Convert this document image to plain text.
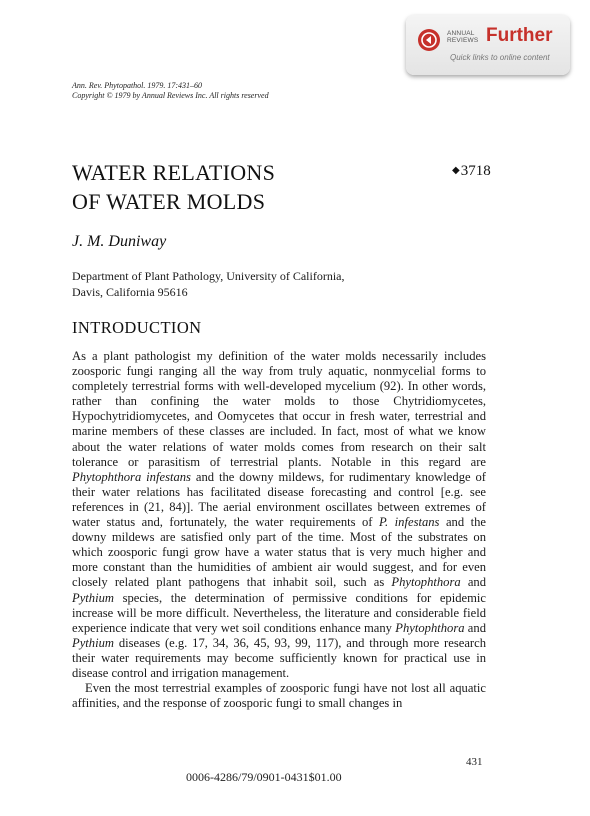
ANNUAL
REVIEWS Further
Quick links to online content
Ann. Rev. Phytopathol. 1979. 17:431–60
Copyright © 1979 by Annual Reviews Inc. All rights reserved
WATER RELATIONS
OF WATER MOLDS
◆3718
J. M. Duniway
Department of Plant Pathology, University of California,
Davis, California 95616
INTRODUCTION

As a plant pathologist my definition of the water molds necessarily includes zoosporic fungi ranging all the way from truly aquatic, nonmycelial forms to completely terrestrial forms with well-developed mycelium (92). In other words, rather than confining the water molds to those Chytridiomycetes, Hypochytridiomycetes, and Oomycetes that occur in fresh water, terrestrial and marine members of these classes are included. In fact, most of what we know about the water relations of water molds comes from research on their salt tolerance or parasitism of terrestrial plants. Notable in this regard are Phytophthora infestans and the downy mildews, for rudimentary knowledge of their water relations has facilitated disease forecasting and control [e.g. see references in (21, 84)]. The aerial environment oscillates between extremes of water status and, fortunately, the water requirements of P. infestans and the downy mildews are satisfied only part of the time. Most of the substrates on which zoosporic fungi grow have a water status that is very much higher and more constant than the humidities of ambient air would suggest, and for even closely related plant pathogens that inhabit soil, such as Phytophthora and Pythium species, the determination of permissive conditions for epidemic increase will be more difficult. Nevertheless, the literature and considerable field experience indicate that very wet soil conditions enhance many Phytophthora and Pythium diseases (e.g. 17, 34, 36, 45, 93, 99, 117), and through more research their water requirements may become sufficiently known for practical use in disease control and irrigation management.

Even the most terrestrial examples of zoosporic fungi have not lost all aquatic affinities, and the response of zoosporic fungi to small changes in

431
0006-4286/79/0901-0431$01.00
